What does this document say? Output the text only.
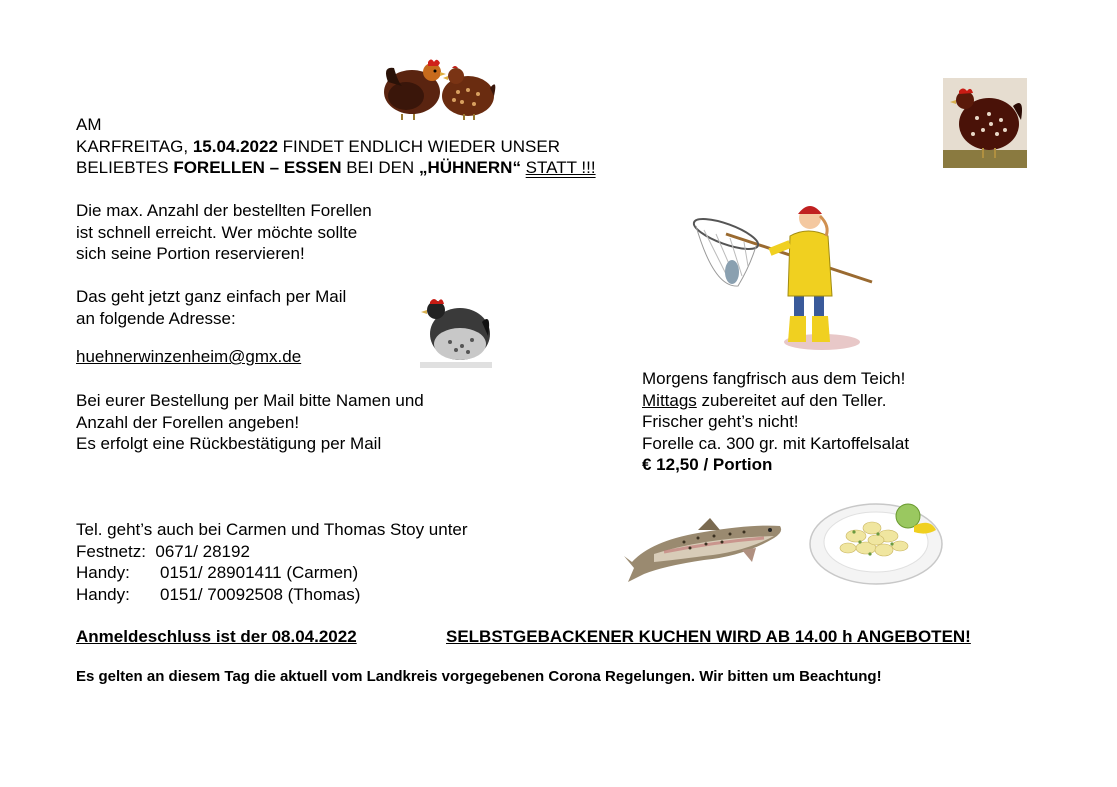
AM
KARFREITAG, 15.04.2022 FINDET ENDLICH WIEDER UNSER
BELIEBTES FORELLEN – ESSEN BEI DEN „HÜHNERN“ STATT !!!
Die max. Anzahl der bestellten Forellen
ist schnell erreicht. Wer möchte sollte
sich seine Portion reservieren!
Das geht jetzt ganz einfach per Mail
an folgende Adresse:
huehnerwinzenheim@gmx.de
Bei eurer Bestellung per Mail bitte Namen und
Anzahl der Forellen angeben!
Es erfolgt eine Rückbestätigung per Mail
Morgens fangfrisch aus dem Teich!
Mittags zubereitet auf den Teller.
Frischer geht’s nicht!
Forelle ca. 300 gr. mit Kartoffelsalat
€ 12,50 / Portion
Tel. geht’s auch bei Carmen und Thomas Stoy unter
Festnetz: 0671/ 28192
Handy: 0151/ 28901411 (Carmen)
Handy: 0151/ 70092508 (Thomas)
Anmeldeschluss ist der 08.04.2022	SELBSTGEBACKENER KUCHEN WIRD AB 14.00 h ANGEBOTEN!
Es gelten an diesem Tag die aktuell vom Landkreis vorgegebenen Corona Regelungen. Wir bitten um Beachtung!
